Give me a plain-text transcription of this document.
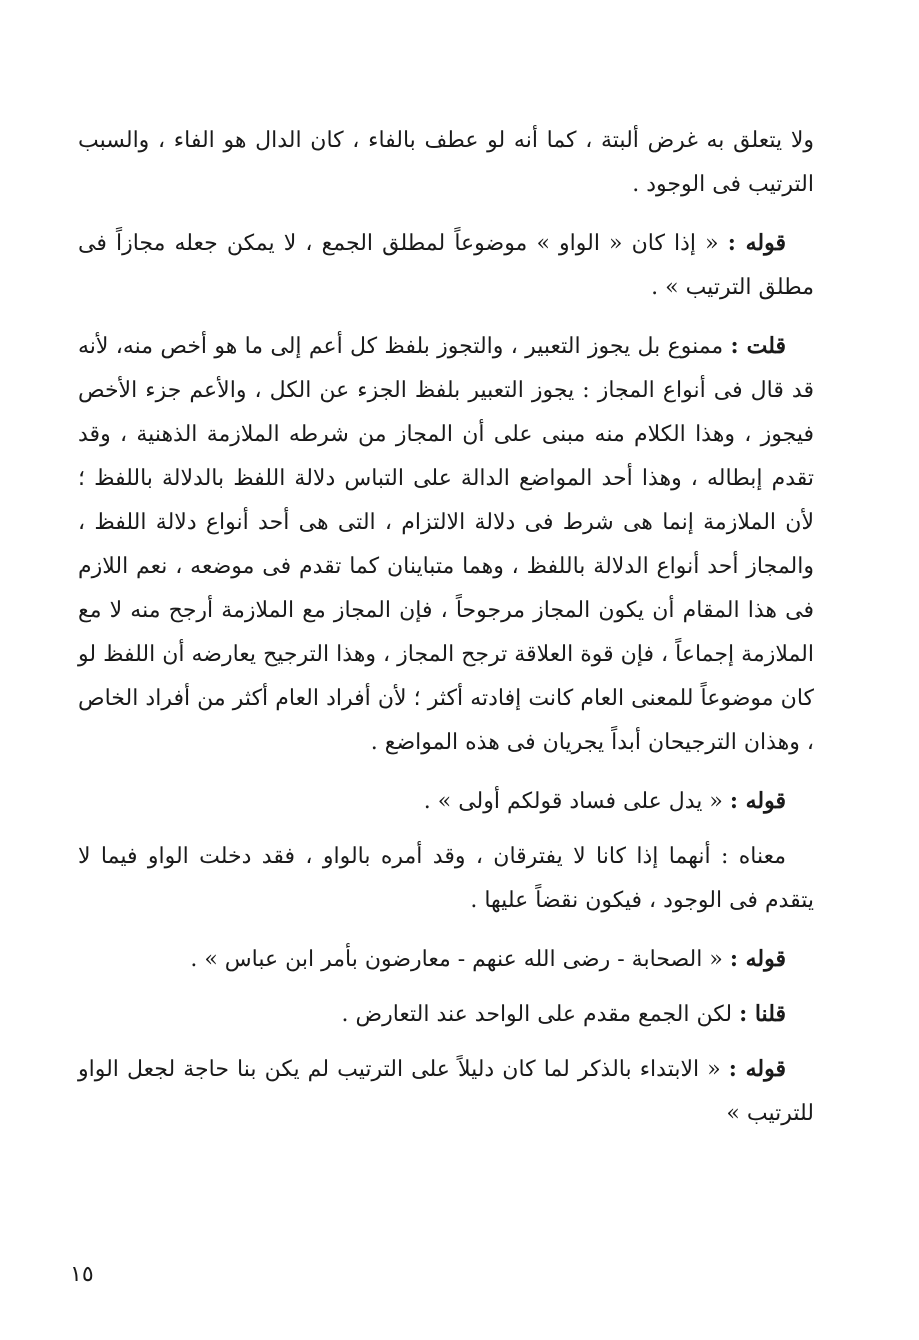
ولا يتعلق به غرض ألبتة ، كما أنه لو عطف بالفاء ، كان الدال هو الفاء ، والسبب الترتيب فى الوجود .

قوله : « إذا كان « الواو » موضوعاً لمطلق الجمع ، لا يمكن جعله مجازاً فى مطلق الترتيب » .

قلت : ممنوع بل يجوز التعبير ، والتجوز بلفظ كل أعم إلى ما هو أخص منه، لأنه قد قال فى أنواع المجاز : يجوز التعبير بلفظ الجزء عن الكل ، والأعم جزء الأخص فيجوز ، وهذا الكلام منه مبنى على أن المجاز من شرطه الملازمة الذهنية ، وقد تقدم إبطاله ، وهذا أحد المواضع الدالة على التباس دلالة اللفظ بالدلالة باللفظ ؛ لأن الملازمة إنما هى شرط فى دلالة الالتزام ، التى هى أحد أنواع دلالة اللفظ ، والمجاز أحد أنواع الدلالة باللفظ ، وهما متباينان كما تقدم فى موضعه ، نعم اللازم فى هذا المقام أن يكون المجاز مرجوحاً ، فإن المجاز مع الملازمة أرجح منه لا مع الملازمة إجماعاً ، فإن قوة العلاقة ترجح المجاز ، وهذا الترجيح يعارضه أن اللفظ لو كان موضوعاً للمعنى العام كانت إفادته أكثر ؛ لأن أفراد العام أكثر من أفراد الخاص ، وهذان الترجيحان أبداً يجريان فى هذه المواضع .

قوله : « يدل على فساد قولكم أولى » .

معناه : أنهما إذا كانا لا يفترقان ، وقد أمره بالواو ، فقد دخلت الواو فيما لا يتقدم فى الوجود ، فيكون نقضاً عليها .

قوله : « الصحابة - رضى الله عنهم - معارضون بأمر ابن عباس » .

قلنا : لكن الجمع مقدم على الواحد عند التعارض .

قوله : « الابتداء بالذكر لما كان دليلاً على الترتيب لم يكن بنا حاجة لجعل الواو للترتيب »

١٥
